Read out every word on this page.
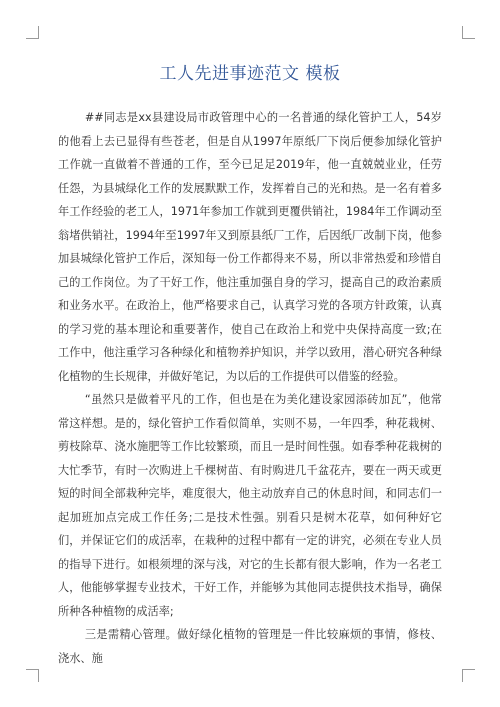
工人先进事迹范文 模板

##同志是xx县建设局市政管理中心的一名普通的绿化管护工人，54岁的他看上去已显得有些苍老，但是自从1997年原纸厂下岗后便参加绿化管护工作就一直做着不普通的工作，至今已足足2019年，他一直兢兢业业，任劳任怨，为县城绿化工作的发展默默工作，发挥着自己的光和热。是一名有着多年工作经验的老工人，1971年参加工作就到更覆供销社，1984年工作调动至翁堵供销社，1994年至1997年又到原县纸厂工作，后因纸厂改制下岗，他参加县城绿化管护工作后，深知每一份工作都得来不易，所以非常热爱和珍惜自己的工作岗位。为了干好工作，他注重加强自身的学习，提高自己的政治素质和业务水平。在政治上，他严格要求自己，认真学习党的各项方针政策，认真的学习党的基本理论和重要著作，使自己在政治上和党中央保持高度一致;在工作中，他注重学习各种绿化和植物养护知识，并学以致用，潜心研究各种绿化植物的生长规律，并做好笔记，为以后的工作提供可以借鉴的经验。

“虽然只是做着平凡的工作，但也是在为美化建设家园添砖加瓦”，他常常这样想。是的，绿化管护工作看似简单，实则不易，一年四季，种花栽树、剪枝除草、浇水施肥等工作比较繁琐，而且一是时间性强。如春季种花栽树的大忙季节，有时一次购进上千棵树苗、有时购进几千盆花卉，要在一两天或更短的时间全部栽种完毕，难度很大，他主动放弃自己的休息时间，和同志们一起加班加点完成工作任务;二是技术性强。别看只是树木花草，如何种好它们，并保证它们的成活率，在栽种的过程中都有一定的讲究，必须在专业人员的指导下进行。如根须埋的深与浅，对它的生长都有很大影响，作为一名老工人，他能够掌握专业技术，干好工作，并能够为其他同志提供技术指导，确保所种各种植物的成活率;

三是需精心管理。做好绿化植物的管理是一件比较麻烦的事情，修枝、浇水、施
